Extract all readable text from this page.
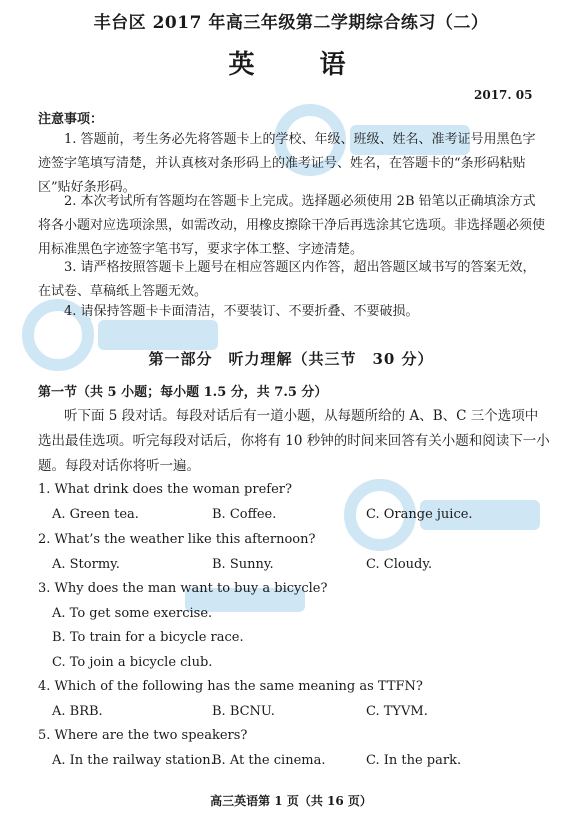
丰台区 2017 年高三年级第二学期综合练习（二）
英 语
2017. 05
注意事项：
1. 答题前，考生务必先将答题卡上的学校、年级、班级、姓名、准考证号用黑色字迹签字笔填写清楚，并认真核对条形码上的准考证号、姓名，在答题卡的“条形码粘贴区”贴好条形码。
2. 本次考试所有答题均在答题卡上完成。选择题必须使用 2B 铅笔以正确填涂方式将各小题对应选项涂黑，如需改动，用橡皮擦除干净后再选涂其它选项。非选择题必须使用标准黑色字迹签字笔书写，要求字体工整、字迹清楚。
3. 请严格按照答题卡上题号在相应答题区内作答，超出答题区域书写的答案无效，在试卷、草稿纸上答题无效。
4. 请保持答题卡卡面清洁，不要装订、不要折叠、不要破损。
第一部分　听力理解（共三节　30 分）
第一节（共 5 小题；每小题 1.5 分，共 7.5 分）
听下面 5 段对话。每段对话后有一道小题，从每题所给的 A、B、C 三个选项中选出最佳选项。听完每段对话后，你将有 10 秒钟的时间来回答有关小题和阅读下一小题。每段对话你将听一遍。
1. What drink does the woman prefer?
A. Green tea.	B. Coffee.	C. Orange juice.
2. What’s the weather like this afternoon?
A. Stormy.	B. Sunny.	C. Cloudy.
3. Why does the man want to buy a bicycle?
A. To get some exercise.
B. To train for a bicycle race.
C. To join a bicycle club.
4. Which of the following has the same meaning as TTFN?
A. BRB.	B. BCNU.	C. TYVM.
5. Where are the two speakers?
A. In the railway station.
B. At the cinema.	C. In the park.
高三英语第 1 页（共 16 页）
